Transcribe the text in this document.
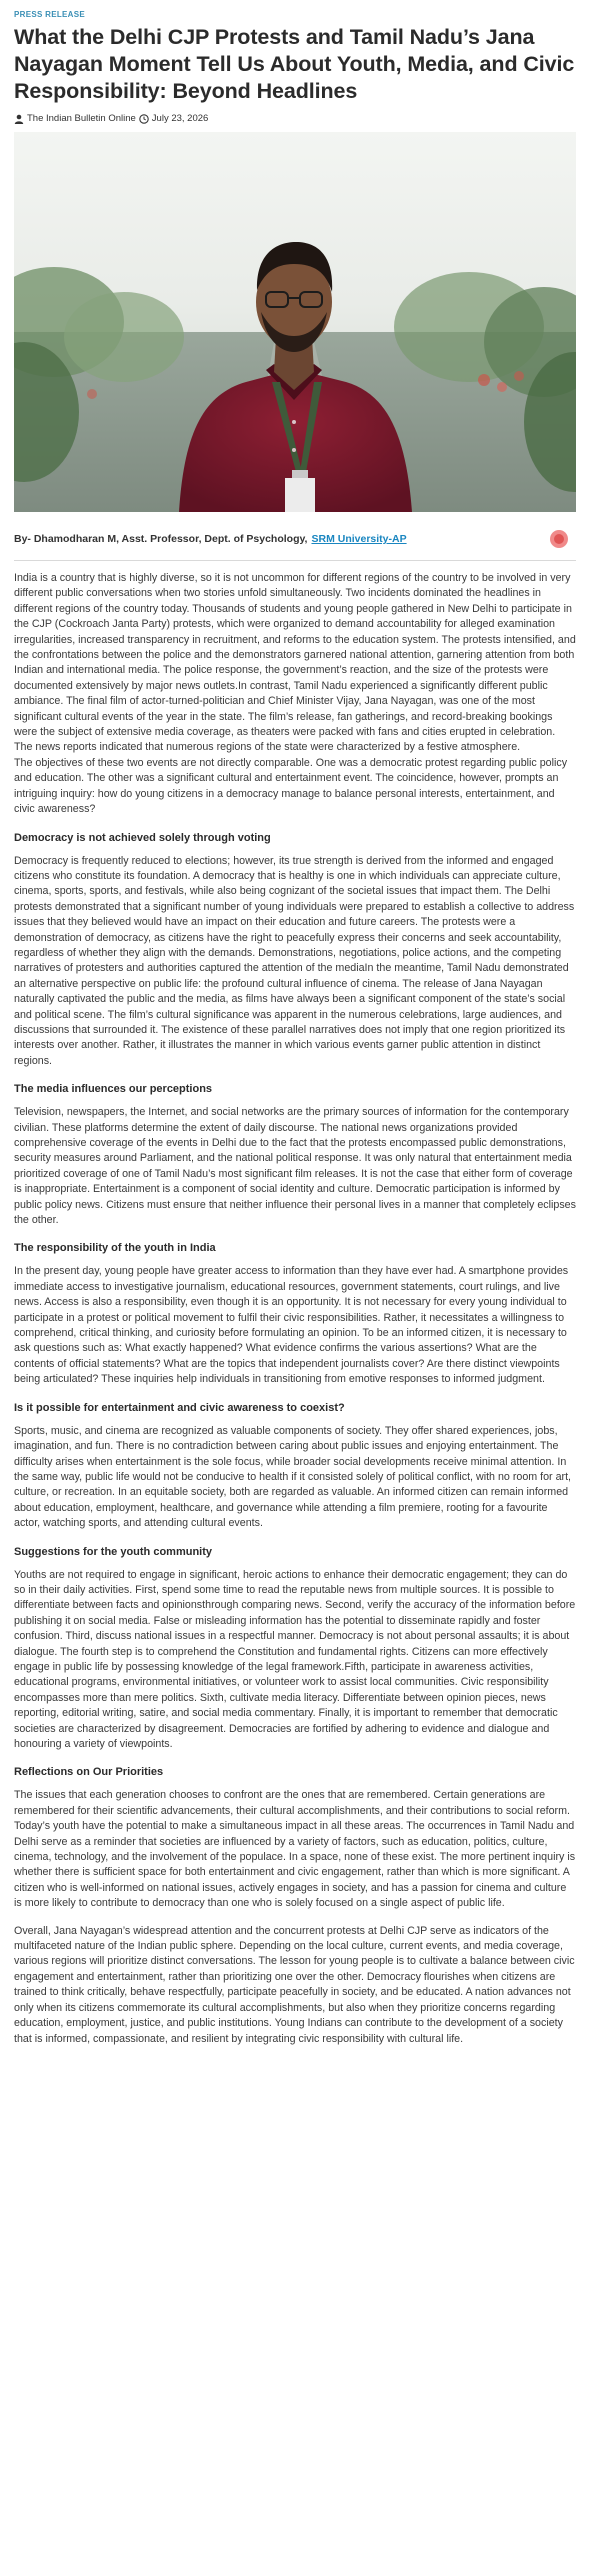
PRESS RELEASE
What the Delhi CJP Protests and Tamil Nadu’s Jana Nayagan Moment Tell Us About Youth, Media, and Civic Responsibility: Beyond Headlines
The Indian Bulletin Online July 23, 2026
By- Dhamodharan M, Asst. Professor, Dept. of Psychology, SRM University-AP

India is a country that is highly diverse, so it is not uncommon for different regions of the country to be involved in very different public conversations when two stories unfold simultaneously. Two incidents dominated the headlines in different regions of the country today. Thousands of students and young people gathered in New Delhi to participate in the CJP (Cockroach Janta Party) protests, which were organized to demand accountability for alleged examination irregularities, increased transparency in recruitment, and reforms to the education system. The protests intensified, and the confrontations between the police and the demonstrators garnered national attention, garnering attention from both Indian and international media. The police response, the government’s reaction, and the size of the protests were documented extensively by major news outlets.In contrast, Tamil Nadu experienced a significantly different public ambiance. The final film of actor-turned-politician and Chief Minister Vijay, Jana Nayagan, was one of the most significant cultural events of the year in the state. The film’s release, fan gatherings, and record-breaking bookings were the subject of extensive media coverage, as theaters were packed with fans and cities erupted in celebration. The news reports indicated that numerous regions of the state were characterized by a festive atmosphere.

The objectives of these two events are not directly comparable. One was a democratic protest regarding public policy and education. The other was a significant cultural and entertainment event. The coincidence, however, prompts an intriguing inquiry: how do young citizens in a democracy manage to balance personal interests, entertainment, and civic awareness?

Democracy is not achieved solely through voting

Democracy is frequently reduced to elections; however, its true strength is derived from the informed and engaged citizens who constitute its foundation. A democracy that is healthy is one in which individuals can appreciate culture, cinema, sports, sports, and festivals, while also being cognizant of the societal issues that impact them. The Delhi protests demonstrated that a significant number of young individuals were prepared to establish a collective to address issues that they believed would have an impact on their education and future careers. The protests were a demonstration of democracy, as citizens have the right to peacefully express their concerns and seek accountability, regardless of whether they align with the demands. Demonstrations, negotiations, police actions, and the competing narratives of protesters and authorities captured the attention of the mediaIn the meantime, Tamil Nadu demonstrated an alternative perspective on public life: the profound cultural influence of cinema. The release of Jana Nayagan naturally captivated the public and the media, as films have always been a significant component of the state’s social and political scene. The film’s cultural significance was apparent in the numerous celebrations, large audiences, and discussions that surrounded it. The existence of these parallel narratives does not imply that one region prioritized its interests over another. Rather, it illustrates the manner in which various events garner public attention in distinct regions.

The media influences our perceptions

Television, newspapers, the Internet, and social networks are the primary sources of information for the contemporary civilian. These platforms determine the extent of daily discourse. The national news organizations provided comprehensive coverage of the events in Delhi due to the fact that the protests encompassed public demonstrations, security measures around Parliament, and the national political response. It was only natural that entertainment media prioritized coverage of one of Tamil Nadu’s most significant film releases. It is not the case that either form of coverage is inappropriate. Entertainment is a component of social identity and culture. Democratic participation is informed by public policy news. Citizens must ensure that neither influence their personal lives in a manner that completely eclipses the other.

The responsibility of the youth in India

In the present day, young people have greater access to information than they have ever had. A smartphone provides immediate access to investigative journalism, educational resources, government statements, court rulings, and live news. Access is also a responsibility, even though it is an opportunity. It is not necessary for every young individual to participate in a protest or political movement to fulfil their civic responsibilities. Rather, it necessitates a willingness to comprehend, critical thinking, and curiosity before formulating an opinion. To be an informed citizen, it is necessary to ask questions such as: What exactly happened? What evidence confirms the various assertions? What are the contents of official statements? What are the topics that independent journalists cover? Are there distinct viewpoints being articulated? These inquiries help individuals in transitioning from emotive responses to informed judgment.

Is it possible for entertainment and civic awareness to coexist?

Sports, music, and cinema are recognized as valuable components of society. They offer shared experiences, jobs, imagination, and fun. There is no contradiction between caring about public issues and enjoying entertainment. The difficulty arises when entertainment is the sole focus, while broader social developments receive minimal attention. In the same way, public life would not be conducive to health if it consisted solely of political conflict, with no room for art, culture, or recreation. In an equitable society, both are regarded as valuable. An informed citizen can remain informed about education, employment, healthcare, and governance while attending a film premiere, rooting for a favourite actor, watching sports, and attending cultural events.

Suggestions for the youth community

Youths are not required to engage in significant, heroic actions to enhance their democratic engagement; they can do so in their daily activities. First, spend some time to read the reputable news from multiple sources. It is possible to differentiate between facts and opinionsthrough comparing news. Second, verify the accuracy of the information before publishing it on social media. False or misleading information has the potential to disseminate rapidly and foster confusion. Third, discuss national issues in a respectful manner. Democracy is not about personal assaults; it is about dialogue. The fourth step is to comprehend the Constitution and fundamental rights. Citizens can more effectively engage in public life by possessing knowledge of the legal framework.Fifth, participate in awareness activities, educational programs, environmental initiatives, or volunteer work to assist local communities. Civic responsibility encompasses more than mere politics. Sixth, cultivate media literacy. Differentiate between opinion pieces, news reporting, editorial writing, satire, and social media commentary. Finally, it is important to remember that democratic societies are characterized by disagreement. Democracies are fortified by adhering to evidence and dialogue and honouring a variety of viewpoints.

Reflections on Our Priorities

The issues that each generation chooses to confront are the ones that are remembered. Certain generations are remembered for their scientific advancements, their cultural accomplishments, and their contributions to social reform. Today’s youth have the potential to make a simultaneous impact in all these areas. The occurrences in Tamil Nadu and Delhi serve as a reminder that societies are influenced by a variety of factors, such as education, politics, culture, cinema, technology, and the involvement of the populace. In a space, none of these exist. The more pertinent inquiry is whether there is sufficient space for both entertainment and civic engagement, rather than which is more significant. A citizen who is well-informed on national issues, actively engages in society, and has a passion for cinema and culture is more likely to contribute to democracy than one who is solely focused on a single aspect of public life.

Overall, Jana Nayagan’s widespread attention and the concurrent protests at Delhi CJP serve as indicators of the multifaceted nature of the Indian public sphere. Depending on the local culture, current events, and media coverage, various regions will prioritize distinct conversations. The lesson for young people is to cultivate a balance between civic engagement and entertainment, rather than prioritizing one over the other. Democracy flourishes when citizens are trained to think critically, behave respectfully, participate peacefully in society, and be educated. A nation advances not only when its citizens commemorate its cultural accomplishments, but also when they prioritize concerns regarding education, employment, justice, and public institutions. Young Indians can contribute to the development of a society that is informed, compassionate, and resilient by integrating civic responsibility with cultural life.
